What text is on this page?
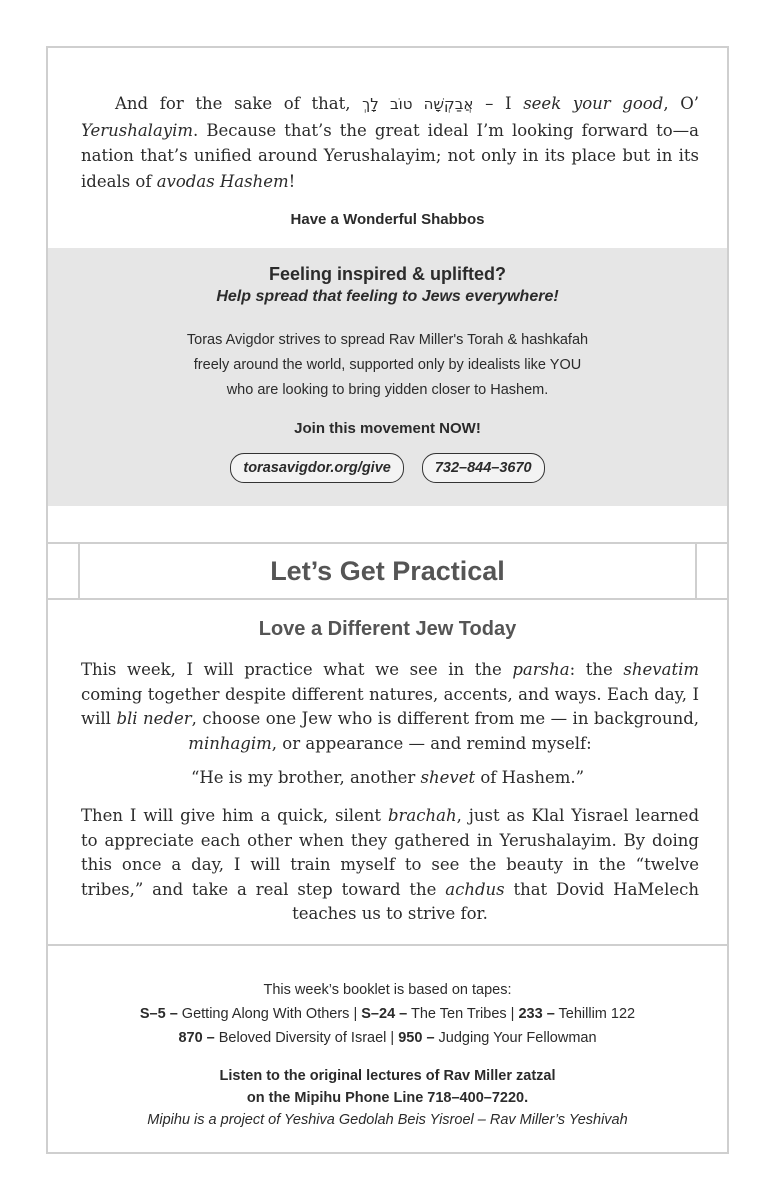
And for the sake of that, אֲבַקְשָׁה טוֹב לָךְ – I seek your good, O’ Yerushalayim. Because that’s the great ideal I’m looking forward to—a nation that’s unified around Yerushalayim; not only in its place but in its ideals of avodas Hashem!

Have a Wonderful Shabbos
Feeling inspired & uplifted?
Help spread that feeling to Jews everywhere!
Toras Avigdor strives to spread Rav Miller's Torah & hashkafah
freely around the world, supported only by idealists like YOU
who are looking to bring yidden closer to Hashem.
Join this movement NOW!
torasavigdor.org/give	732–844–3670
Let’s Get Practical
Love a Different Jew Today

This week, I will practice what we see in the parsha: the shevatim coming together despite different natures, accents, and ways. Each day, I will bli neder, choose one Jew who is different from me — in background, minhagim, or appearance — and remind myself:

“He is my brother, another shevet of Hashem.”

Then I will give him a quick, silent brachah, just as Klal Yisrael learned to appreciate each other when they gathered in Yerushalayim. By doing this once a day, I will train myself to see the beauty in the “twelve tribes,” and take a real step toward the achdus that Dovid HaMelech teaches us to strive for.

This week’s booklet is based on tapes:
S–5 – Getting Along With Others | S–24 – The Ten Tribes | 233 – Tehillim 122
870 – Beloved Diversity of Israel | 950 – Judging Your Fellowman
Listen to the original lectures of Rav Miller zatzal
on the Mipihu Phone Line 718–400–7220.
Mipihu is a project of Yeshiva Gedolah Beis Yisroel – Rav Miller’s Yeshivah
